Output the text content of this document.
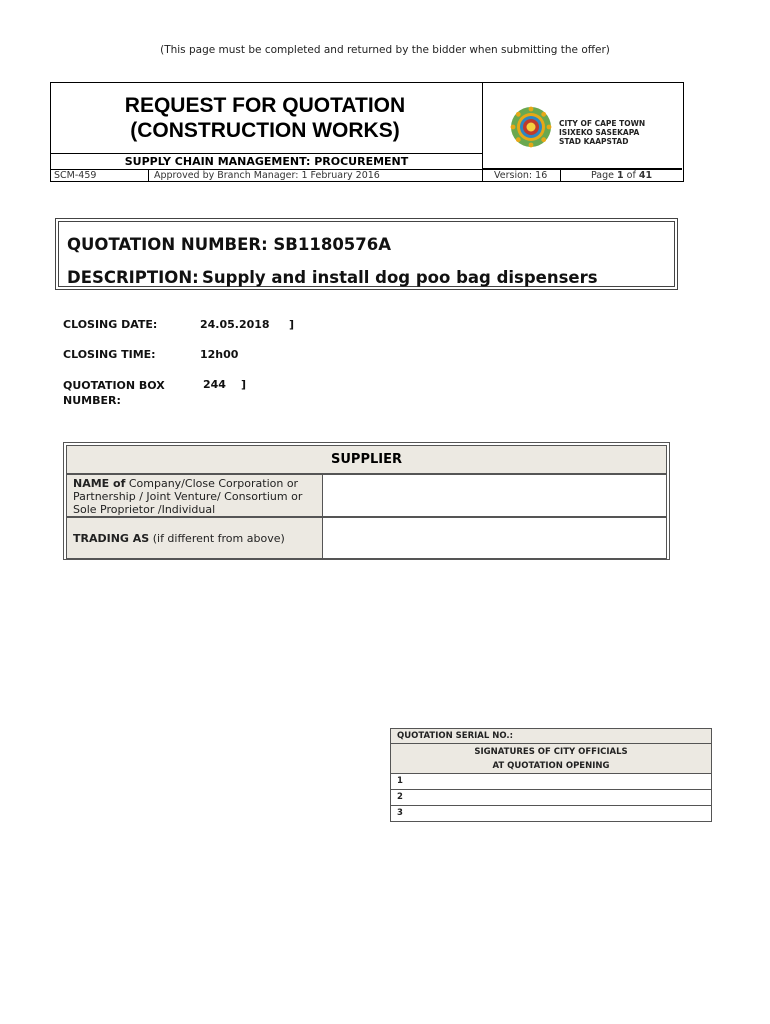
(This page must be completed and returned by the bidder when submitting the offer)
REQUEST FOR QUOTATION
(CONSTRUCTION WORKS)
SUPPLY CHAIN MANAGEMENT: PROCUREMENT
CITY OF CAPE TOWN
ISIXEKO SASEKAPA
STAD KAAPSTAD
SCM-459	Approved by Branch Manager: 1 February 2016	Version: 16	Page 1 of 41
QUOTATION NUMBER: SB1180576A
DESCRIPTION: Supply and install dog poo bag dispensers
CLOSING DATE:	24.05.2018 ]
CLOSING TIME:	12h00
QUOTATION BOX
NUMBER:
244 ]
SUPPLIER
NAME of Company/Close Corporation or Partnership / Joint Venture/ Consortium or Sole Proprietor /Individual
TRADING AS (if different from above)
QUOTATION SERIAL NO.:
SIGNATURES OF CITY OFFICIALS
AT QUOTATION OPENING
1
2
3
